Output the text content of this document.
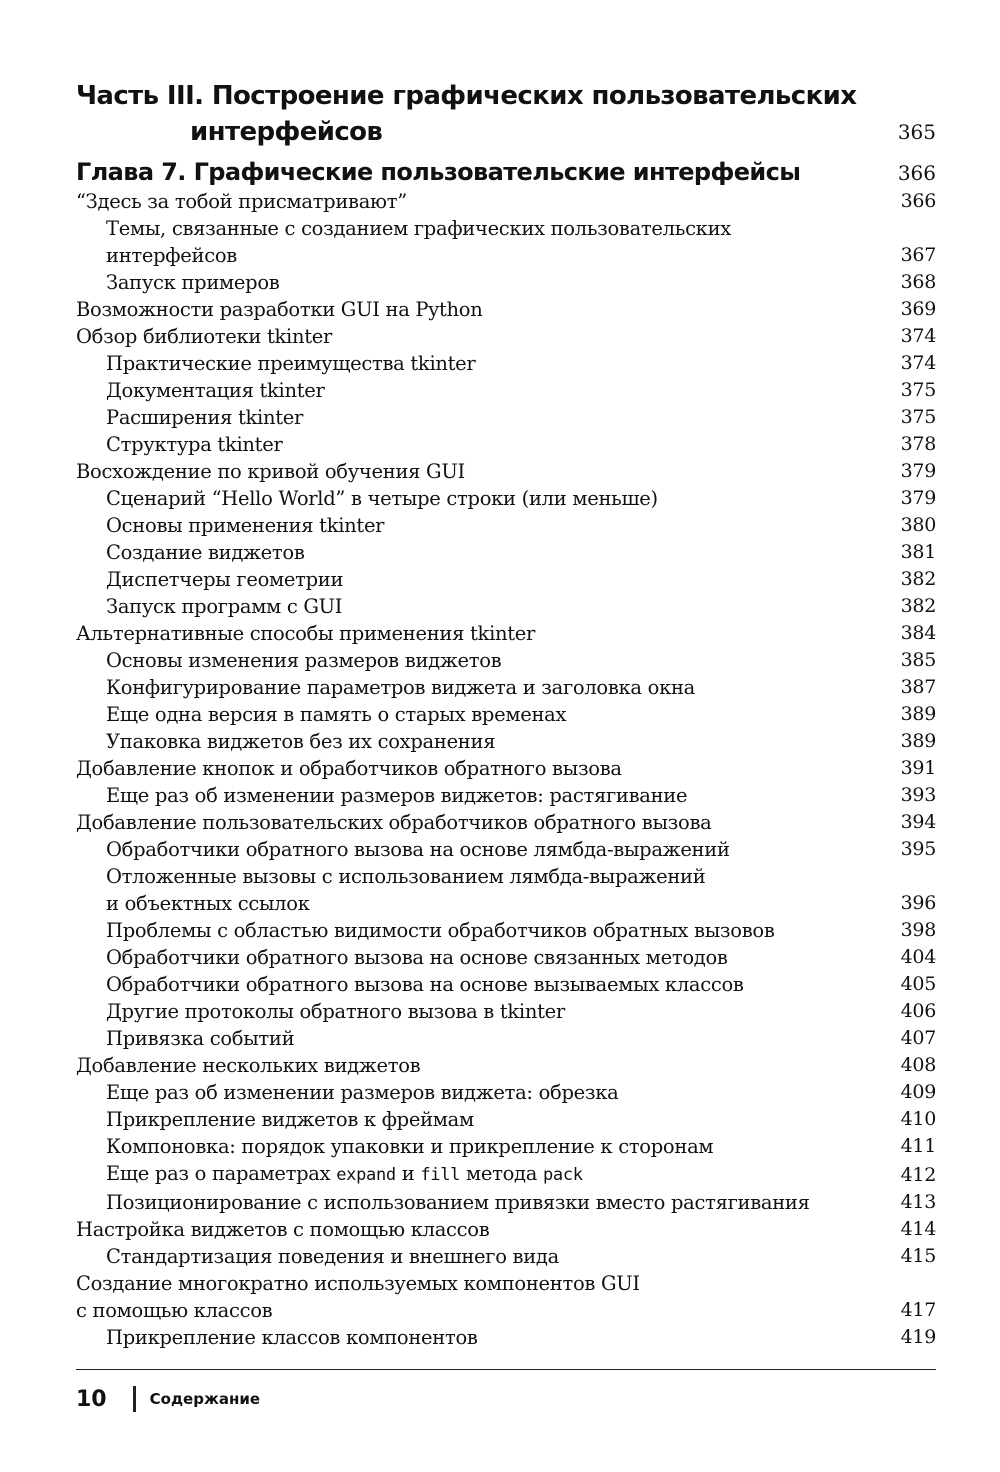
Часть III. Построение графических пользовательских
интерфейсов	365
Глава 7. Графические пользовательские интерфейсы	366
“Здесь за тобой присматривают”	366
Темы, связанные с созданием графических пользовательских
интерфейсов	367
Запуск примеров	368
Возможности разработки GUI на Python	369
Обзор библиотеки tkinter	374
Практические преимущества tkinter	374
Документация tkinter	375
Расширения tkinter	375
Структура tkinter	378
Восхождение по кривой обучения GUI	379
Сценарий “Hello World” в четыре строки (или меньше)	379
Основы применения tkinter	380
Создание виджетов	381
Диспетчеры геометрии	382
Запуск программ с GUI	382
Альтернативные способы применения tkinter	384
Основы изменения размеров виджетов	385
Конфигурирование параметров виджета и заголовка окна	387
Еще одна версия в память о старых временах	389
Упаковка виджетов без их сохранения	389
Добавление кнопок и обработчиков обратного вызова	391
Еще раз об изменении размеров виджетов: растягивание	393
Добавление пользовательских обработчиков обратного вызова	394
Обработчики обратного вызова на основе лямбда-выражений	395
Отложенные вызовы с использованием лямбда-выражений
и объектных ссылок	396
Проблемы с областью видимости обработчиков обратных вызовов	398
Обработчики обратного вызова на основе связанных методов	404
Обработчики обратного вызова на основе вызываемых классов	405
Другие протоколы обратного вызова в tkinter	406
Привязка событий	407
Добавление нескольких виджетов	408
Еще раз об изменении размеров виджета: обрезка	409
Прикрепление виджетов к фреймам	410
Компоновка: порядок упаковки и прикрепление к сторонам	411
Еще раз о параметрах expand и fill метода pack	412
Позиционирование с использованием привязки вместо растягивания	413
Настройка виджетов с помощью классов	414
Стандартизация поведения и внешнего вида	415
Создание многократно используемых компонентов GUI
с помощью классов	417
Прикрепление классов компонентов	419
10	Содержание
